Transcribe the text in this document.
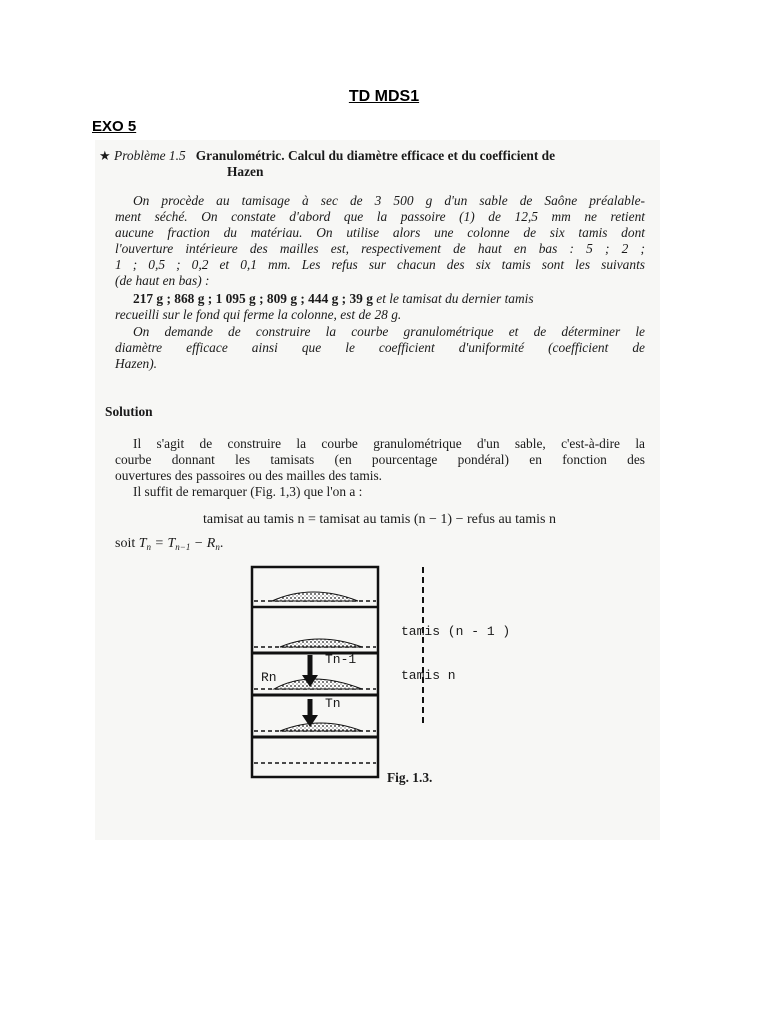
TD MDS1
EXO 5
★ Problème 1.5 Granulométric. Calcul du diamètre efficace et du coefficient de
Hazen
On procède au tamisage à sec de 3 500 g d'un sable de Saône préalable-
ment séché. On constate d'abord que la passoire (1) de 12,5 mm ne retient
aucune fraction du matériau. On utilise alors une colonne de six tamis dont
l'ouverture intérieure des mailles est, respectivement de haut en bas : 5 ; 2 ;
1 ; 0,5 ; 0,2 et 0,1 mm. Les refus sur chacun des six tamis sont les suivants
(de haut en bas) :
217 g ; 868 g ; 1 095 g ; 809 g ; 444 g ; 39 g et le tamisat du dernier tamis
recueilli sur le fond qui ferme la colonne, est de 28 g.
On demande de construire la courbe granulométrique et de déterminer le
diamètre efficace ainsi que le coefficient d'uniformité (coefficient de
Hazen).
Solution
Il s'agit de construire la courbe granulométrique d'un sable, c'est-à-dire la
courbe donnant les tamisats (en pourcentage pondéral) en fonction des
ouvertures des passoires ou des mailles des tamis.
Il suffit de remarquer (Fig. 1,3) que l'on a :
tamisat au tamis n = tamisat au tamis (n − 1) − refus au tamis n
soit $T_n = T_{n-1} - R_n$.
Tn-1
Rn
Tn
tamis (n - 1 )
tamis n
Fig. 1.3.
